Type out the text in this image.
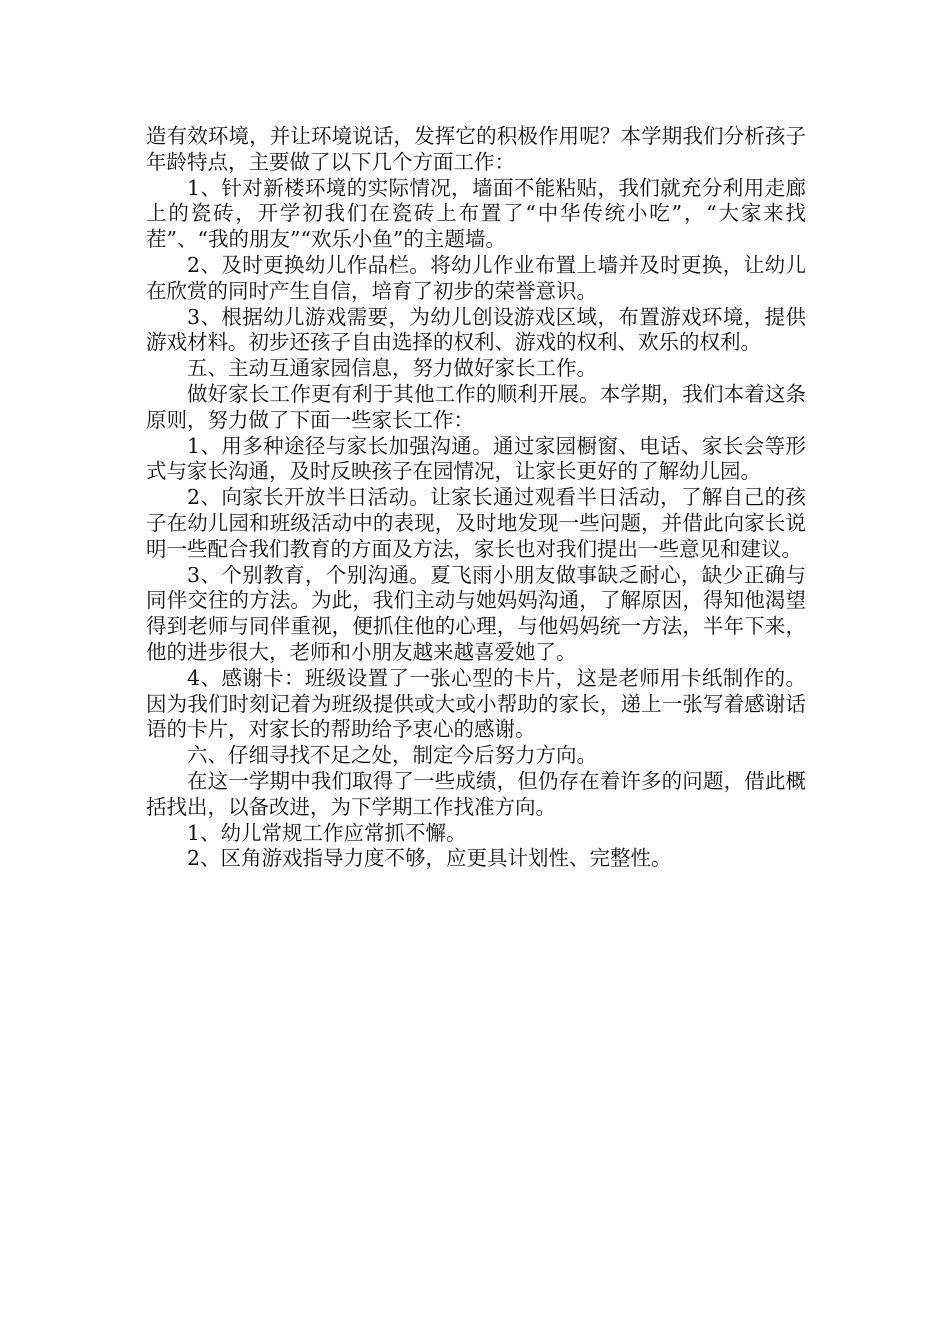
造有效环境，并让环境说话，发挥它的积极作用呢？本学期我们分析孩子年龄特点，主要做了以下几个方面工作：

1、针对新楼环境的实际情况，墙面不能粘贴，我们就充分利用走廊上的瓷砖，开学初我们在瓷砖上布置了“中华传统小吃”，“大家来找茬”、“我的朋友”“欢乐小鱼”的主题墙。

2、及时更换幼儿作品栏。将幼儿作业布置上墙并及时更换，让幼儿在欣赏的同时产生自信，培育了初步的荣誉意识。

3、根据幼儿游戏需要，为幼儿创设游戏区域，布置游戏环境，提供游戏材料。初步还孩子自由选择的权利、游戏的权利、欢乐的权利。

五、主动互通家园信息，努力做好家长工作。

做好家长工作更有利于其他工作的顺利开展。本学期，我们本着这条原则，努力做了下面一些家长工作：

1、用多种途径与家长加强沟通。通过家园橱窗、电话、家长会等形式与家长沟通，及时反映孩子在园情况，让家长更好的了解幼儿园。

2、向家长开放半日活动。让家长通过观看半日活动，了解自己的孩子在幼儿园和班级活动中的表现，及时地发现一些问题，并借此向家长说明一些配合我们教育的方面及方法，家长也对我们提出一些意见和建议。

3、个别教育，个别沟通。夏飞雨小朋友做事缺乏耐心，缺少正确与同伴交往的方法。为此，我们主动与她妈妈沟通，了解原因，得知他渴望得到老师与同伴重视，便抓住他的心理，与他妈妈统一方法，半年下来，他的进步很大，老师和小朋友越来越喜爱她了。

4、感谢卡：班级设置了一张心型的卡片，这是老师用卡纸制作的。因为我们时刻记着为班级提供或大或小帮助的家长，递上一张写着感谢话语的卡片，对家长的帮助给予衷心的感谢。

六、仔细寻找不足之处，制定今后努力方向。

在这一学期中我们取得了一些成绩，但仍存在着许多的问题，借此概括找出，以备改进，为下学期工作找准方向。

1、幼儿常规工作应常抓不懈。

2、区角游戏指导力度不够，应更具计划性、完整性。
